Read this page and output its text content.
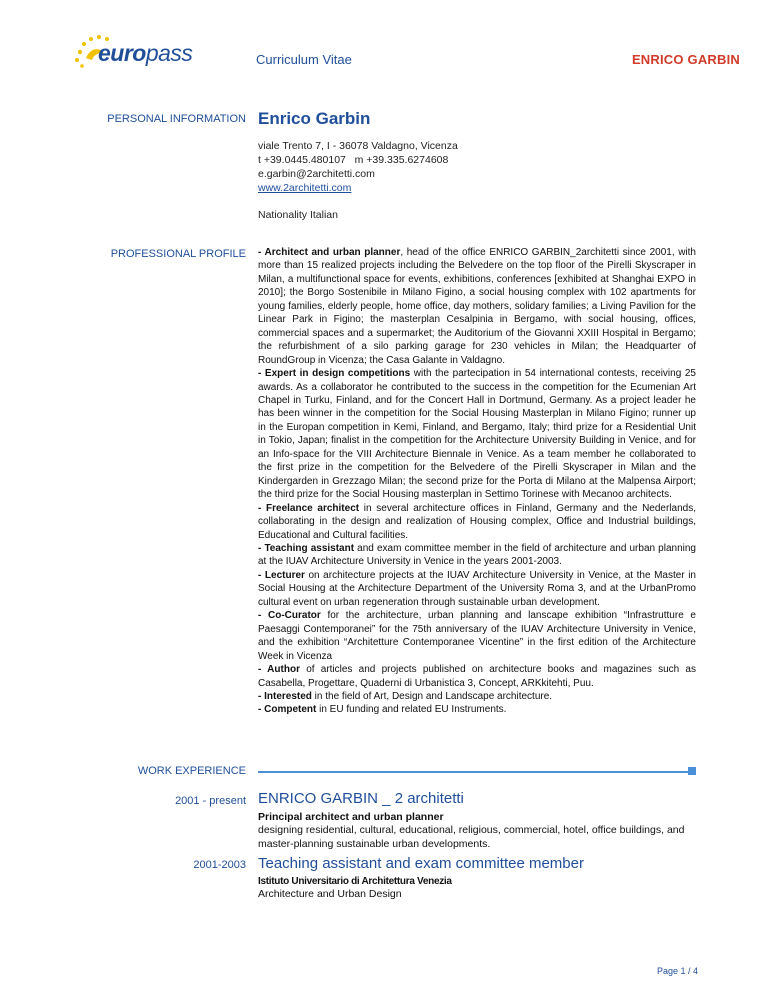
europass	Curriculum Vitae	ENRICO GARBIN
PERSONAL INFORMATION Enrico Garbin
viale Trento 7, I - 36078 Valdagno, Vicenza
t +39.0445.480107   m +39.335.6274608
e.garbin@2architetti.com
www.2architetti.com
Nationality Italian
PROFESSIONAL PROFILE - Architect and urban planner, head of the office ENRICO GARBIN_2architetti since 2001, with more than 15 realized projects including the Belvedere on the top floor of the Pirelli Skyscraper in Milan, a multifunctional space for events, exhibitions, conferences [exhibited at Shanghai EXPO in 2010]; the Borgo Sostenibile in Milano Figino, a social housing complex with 102 apartments for young families, elderly people, home office, day mothers, solidary families; a Living Pavilion for the Linear Park in Figino; the masterplan Cesalpinia in Bergamo, with social housing, offices, commercial spaces and a supermarket; the Auditorium of the Giovanni XXIII Hospital in Bergamo; the refurbishment of a silo parking garage for 230 vehicles in Milan; the Headquarter of RoundGroup in Vicenza; the Casa Galante in Valdagno.

- Expert in design competitions with the partecipation in 54 international contests, receiving 25 awards. As a collaborator he contributed to the success in the competition for the Ecumenian Art Chapel in Turku, Finland, and for the Concert Hall in Dortmund, Germany. As a project leader he has been winner in the competition for the Social Housing Masterplan in Milano Figino; runner up in the Europan competition in Kemi, Finland, and Bergamo, Italy; third prize for a Residential Unit in Tokio, Japan; finalist in the competition for the Architecture University Building in Venice, and for an Info-space for the VIII Architecture Biennale in Venice. As a team member he collaborated to the first prize in the competition for the Belvedere of the Pirelli Skyscraper in Milan and the Kindergarden in Grezzago Milan; the second prize for the Porta di Milano at the Malpensa Airport; the third prize for the Social Housing masterplan in Settimo Torinese with Mecanoo architects.

- Freelance architect in several architecture offices in Finland, Germany and the Nederlands, collaborating in the design and realization of Housing complex, Office and Industrial buildings, Educational and Cultural facilities.

- Teaching assistant and exam committee member in the field of architecture and urban planning at the IUAV Architecture University in Venice in the years 2001-2003.

- Lecturer on architecture projects at the IUAV Architecture University in Venice, at the Master in Social Housing at the Architecture Department of the University Roma 3, and at the UrbanPromo cultural event on urban regeneration through sustainable urban development.

- Co-Curator for the architecture, urban planning and lanscape exhibition “Infrastrutture e Paesaggi Contemporanei” for the 75th anniversary of the IUAV Architecture University in Venice, and the exhibition “Architetture Contemporanee Vicentine” in the first edition of the Architecture Week in Vicenza

- Author of articles and projects published on architecture books and magazines such as Casabella, Progettare, Quaderni di Urbanistica 3, Concept, ARKkitehti, Puu.

- Interested in the field of Art, Design and Landscape architecture.

- Competent in EU funding and related EU Instruments.

WORK EXPERIENCE
2001 - present ENRICO GARBIN _ 2 architetti
Principal architect and urban planner
designing residential, cultural, educational, religious, commercial, hotel, office buildings, and master-planning sustainable urban developments.
2001-2003 Teaching assistant and exam committee member
Istituto Universitario di Architettura Venezia
Architecture and Urban Design
Page 1 / 4
